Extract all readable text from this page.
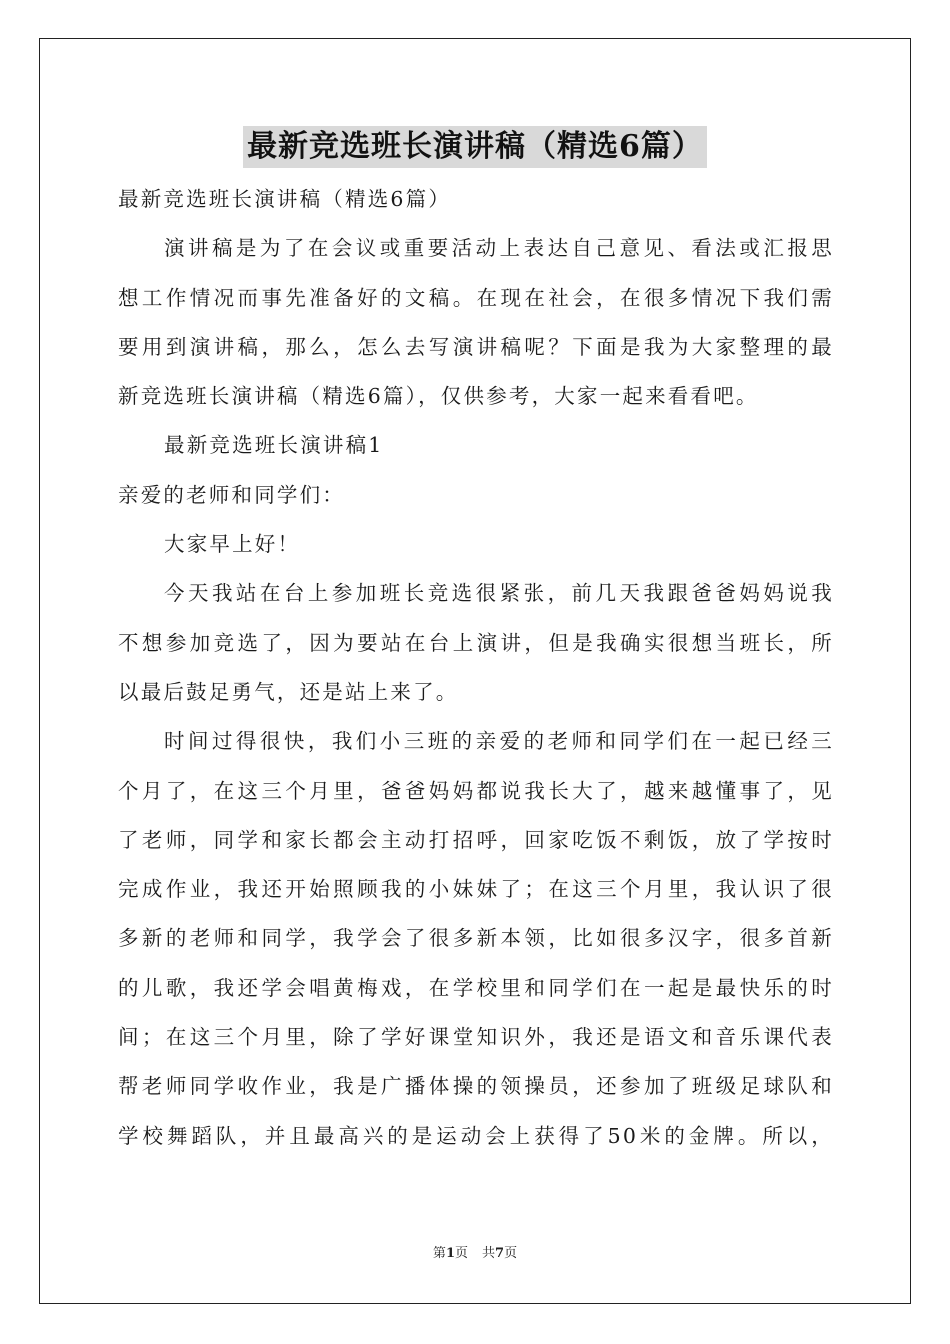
最新竞选班长演讲稿（精选6篇）
最新竞选班长演讲稿（精选6篇）
演讲稿是为了在会议或重要活动上表达自己意见、看法或汇报思
想工作情况而事先准备好的文稿。在现在社会，在很多情况下我们需
要用到演讲稿，那么，怎么去写演讲稿呢？下面是我为大家整理的最
新竞选班长演讲稿（精选6篇），仅供参考，大家一起来看看吧。
最新竞选班长演讲稿1
亲爱的老师和同学们：
大家早上好！
今天我站在台上参加班长竞选很紧张，前几天我跟爸爸妈妈说我
不想参加竞选了，因为要站在台上演讲，但是我确实很想当班长，所
以最后鼓足勇气，还是站上来了。
时间过得很快，我们小三班的亲爱的老师和同学们在一起已经三
个月了，在这三个月里，爸爸妈妈都说我长大了，越来越懂事了，见
了老师，同学和家长都会主动打招呼，回家吃饭不剩饭，放了学按时
完成作业，我还开始照顾我的小妹妹了；在这三个月里，我认识了很
多新的老师和同学，我学会了很多新本领，比如很多汉字，很多首新
的儿歌，我还学会唱黄梅戏，在学校里和同学们在一起是最快乐的时
间；在这三个月里，除了学好课堂知识外，我还是语文和音乐课代表
帮老师同学收作业，我是广播体操的领操员，还参加了班级足球队和
学校舞蹈队，并且最高兴的是运动会上获得了50米的金牌。所以，
第1页 共7页
